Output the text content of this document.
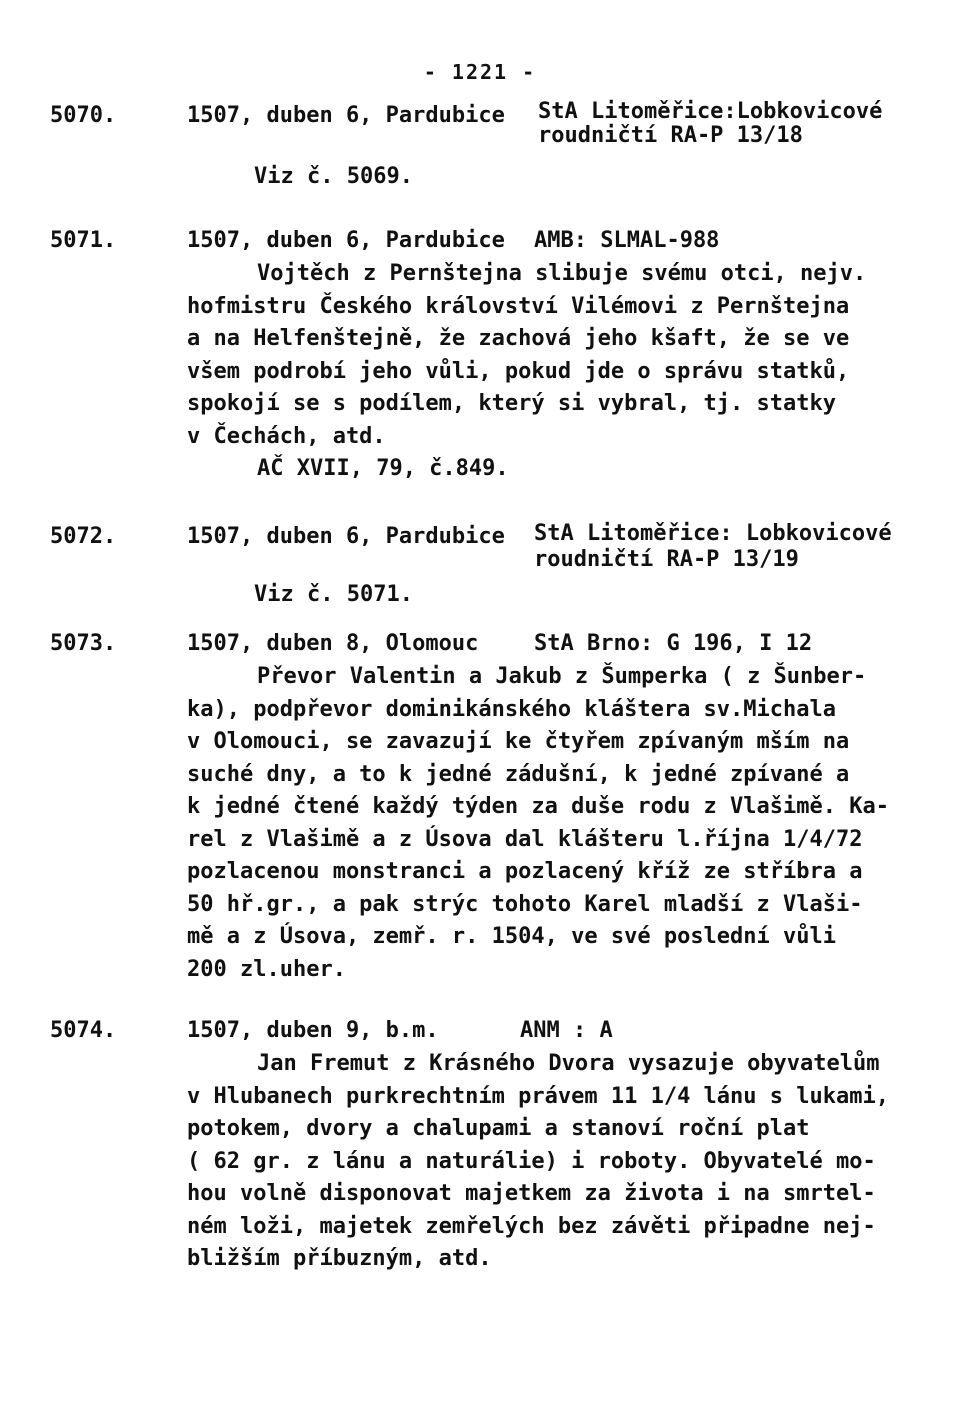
- 1221 -
5070.	1507, duben 6, Pardubice StA Litoměřice:Lobkovicové
roudničtí RA-P 13/18
Viz č. 5069.
5071.	1507, duben 6, Pardubice AMB: SLMAL-988
Vojtěch z Pernštejna slibuje svému otci, nejv.
hofmistru Českého království Vilémovi z Pernštejna
a na Helfenštejně, že zachová jeho kšaft, že se ve
všem podrobí jeho vůli, pokud jde o správu statků,
spokojí se s podílem, který si vybral, tj. statky
v Čechách, atd.
AČ XVII, 79, č.849.
5072.	1507, duben 6, Pardubice StA Litoměřice: Lobkovicové
roudničtí RA-P 13/19
Viz č. 5071.
5073.	1507, duben 8, Olomouc	StA Brno: G 196, I 12
Převor Valentin a Jakub z Šumperka ( z Šunber-
ka), podpřevor dominikánského kláštera sv.Michala
v Olomouci, se zavazují ke čtyřem zpívaným mším na
suché dny, a to k jedné zádušní, k jedné zpívané a
k jedné čtené každý týden za duše rodu z Vlašimě. Ka-
rel z Vlašimě a z Úsova dal klášteru l.října 1/4/72
pozlacenou monstranci a pozlacený kříž ze stříbra a
50 hř.gr., a pak strýc tohoto Karel mladší z Vlaši-
mě a z Úsova, zemř. r. 1504, ve své poslední vůli
200 zl.uher.
5074.	1507, duben 9, b.m.	ANM : A
Jan Fremut z Krásného Dvora vysazuje obyvatelům
v Hlubanech purkrechtním právem 11 1/4 lánu s lukami,
potokem, dvory a chalupami a stanoví roční plat
( 62 gr. z lánu a naturálie) i roboty. Obyvatelé mo-
hou volně disponovat majetkem za života i na smrtel-
ném loži, majetek zemřelých bez závěti připadne nej-
bližším příbuzným, atd.
